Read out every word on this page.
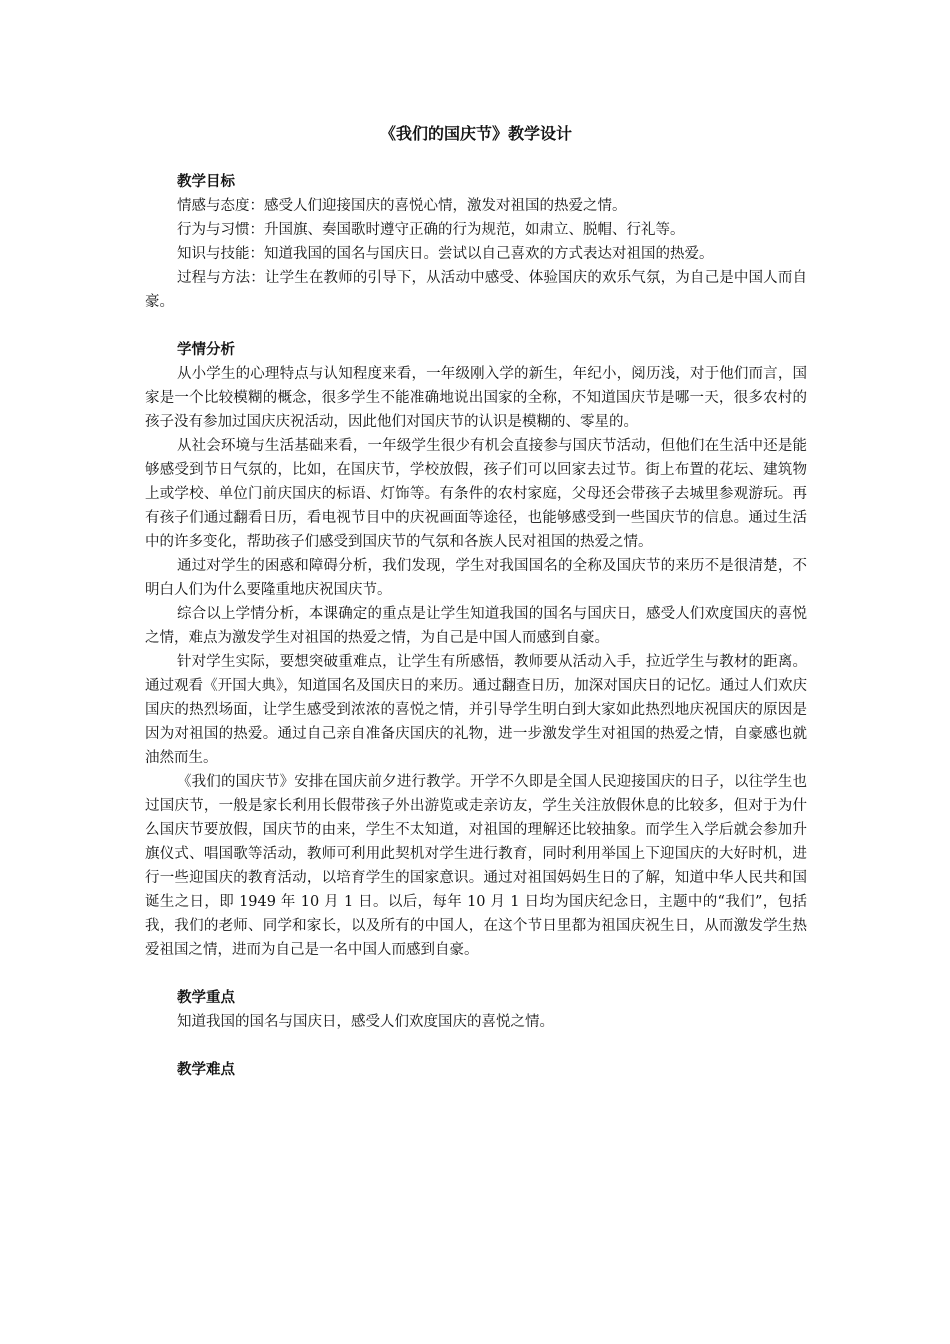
《我们的国庆节》教学设计
教学目标

情感与态度：感受人们迎接国庆的喜悦心情，激发对祖国的热爱之情。

行为与习惯：升国旗、奏国歌时遵守正确的行为规范，如肃立、脱帽、行礼等。

知识与技能：知道我国的国名与国庆日。尝试以自己喜欢的方式表达对祖国的热爱。

过程与方法：让学生在教师的引导下，从活动中感受、体验国庆的欢乐气氛，为自己是中国人而自豪。

学情分析

从小学生的心理特点与认知程度来看，一年级刚入学的新生，年纪小，阅历浅，对于他们而言，国家是一个比较模糊的概念，很多学生不能准确地说出国家的全称，不知道国庆节是哪一天，很多农村的孩子没有参加过国庆庆祝活动，因此他们对国庆节的认识是模糊的、零星的。

从社会环境与生活基础来看，一年级学生很少有机会直接参与国庆节活动，但他们在生活中还是能够感受到节日气氛的，比如，在国庆节，学校放假，孩子们可以回家去过节。街上布置的花坛、建筑物上或学校、单位门前庆国庆的标语、灯饰等。有条件的农村家庭，父母还会带孩子去城里参观游玩。再有孩子们通过翻看日历，看电视节目中的庆祝画面等途径，也能够感受到一些国庆节的信息。通过生活中的许多变化，帮助孩子们感受到国庆节的气氛和各族人民对祖国的热爱之情。

通过对学生的困惑和障碍分析，我们发现，学生对我国国名的全称及国庆节的来历不是很清楚，不明白人们为什么要隆重地庆祝国庆节。

综合以上学情分析，本课确定的重点是让学生知道我国的国名与国庆日，感受人们欢度国庆的喜悦之情，难点为激发学生对祖国的热爱之情，为自己是中国人而感到自豪。

针对学生实际，要想突破重难点，让学生有所感悟，教师要从活动入手，拉近学生与教材的距离。通过观看《开国大典》，知道国名及国庆日的来历。通过翻查日历，加深对国庆日的记忆。通过人们欢庆国庆的热烈场面，让学生感受到浓浓的喜悦之情，并引导学生明白到大家如此热烈地庆祝国庆的原因是因为对祖国的热爱。通过自己亲自准备庆国庆的礼物，进一步激发学生对祖国的热爱之情，自豪感也就油然而生。

《我们的国庆节》安排在国庆前夕进行教学。开学不久即是全国人民迎接国庆的日子，以往学生也过国庆节，一般是家长利用长假带孩子外出游览或走亲访友，学生关注放假休息的比较多，但对于为什么国庆节要放假，国庆节的由来，学生不太知道，对祖国的理解还比较抽象。而学生入学后就会参加升旗仪式、唱国歌等活动，教师可利用此契机对学生进行教育，同时利用举国上下迎国庆的大好时机，进行一些迎国庆的教育活动，以培育学生的国家意识。通过对祖国妈妈生日的了解，知道中华人民共和国诞生之日，即 1949 年 10 月 1 日。以后，每年 10 月 1 日均为国庆纪念日，主题中的“我们”，包括我，我们的老师、同学和家长，以及所有的中国人，在这个节日里都为祖国庆祝生日，从而激发学生热爱祖国之情，进而为自己是一名中国人而感到自豪。

教学重点

知道我国的国名与国庆日，感受人们欢度国庆的喜悦之情。

教学难点
